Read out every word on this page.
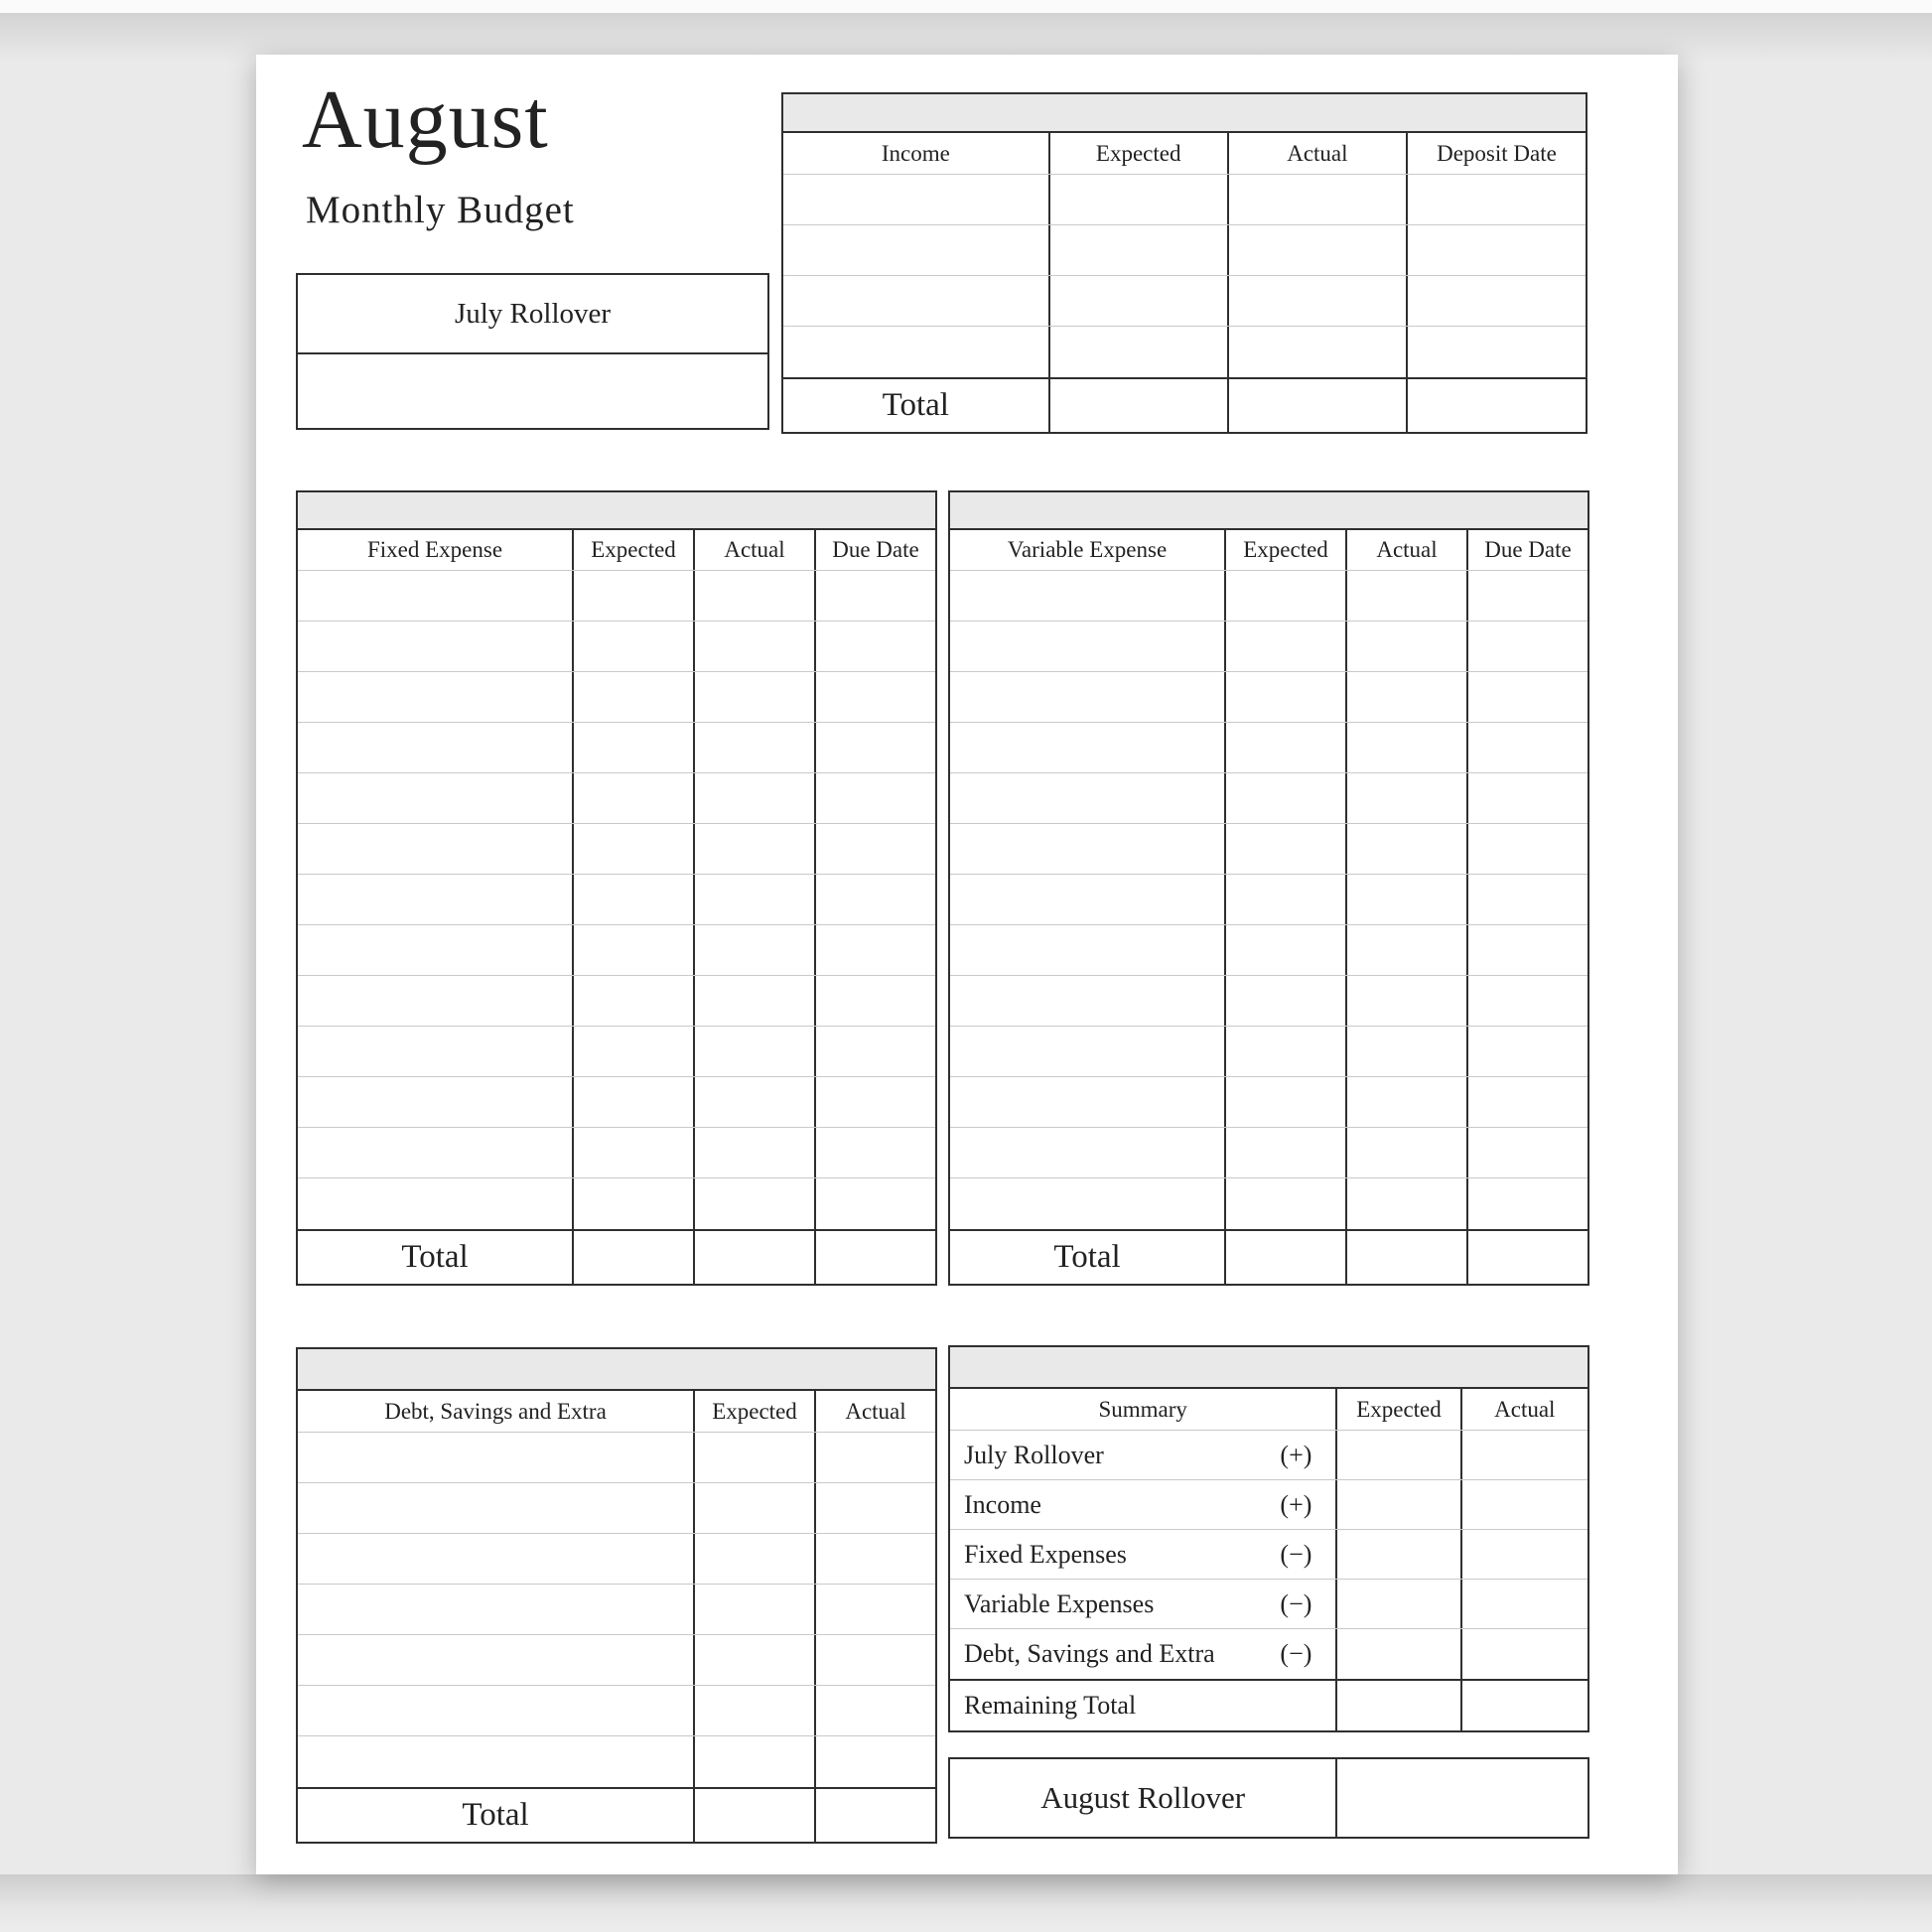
August
Monthly Budget
July Rollover
Income	Expected	Actual	Deposit Date
Total
Fixed Expense	Expected	Actual	Due Date
Total
Variable Expense	Expected	Actual	Due Date
Total
Debt, Savings and Extra	Expected	Actual
Total
Summary	Expected	Actual
July Rollover	(+)
Income	(+)
Fixed Expenses	(−)
Variable Expenses	(−)
Debt, Savings and Extra	(−)
Remaining Total
August Rollover
